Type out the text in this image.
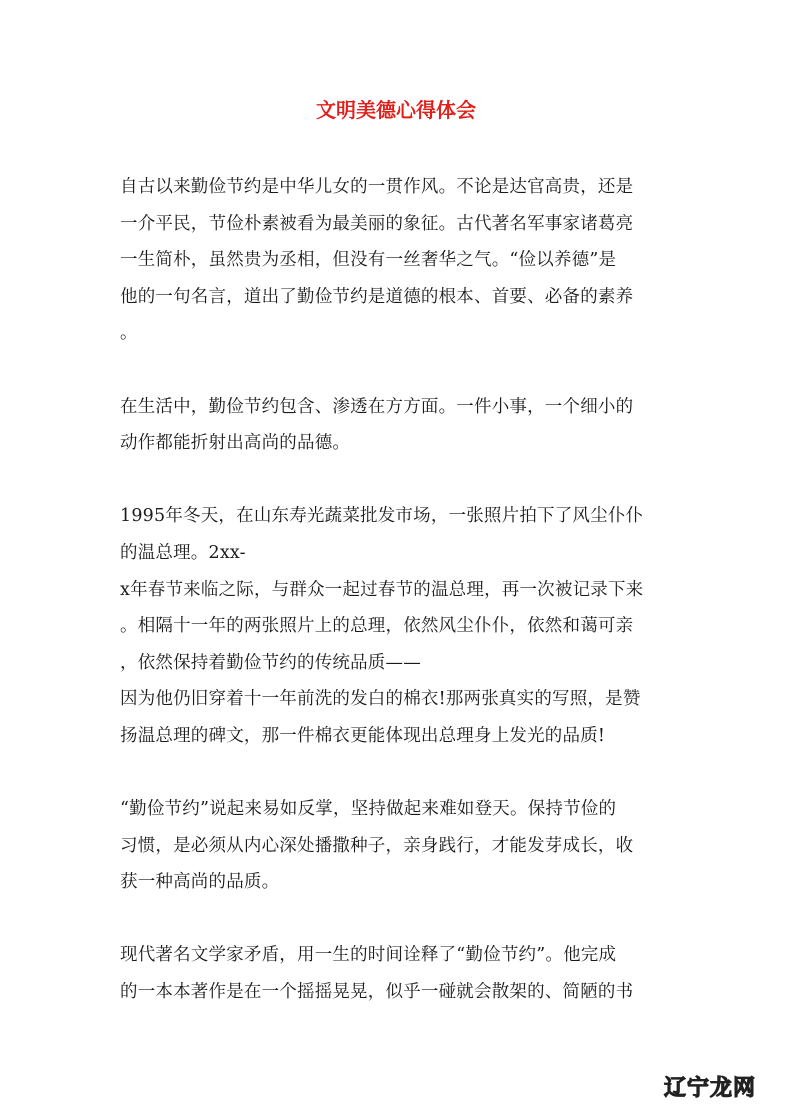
文明美德心得体会
自古以来勤俭节约是中华儿女的一贯作风。不论是达官高贵，还是
一介平民，节俭朴素被看为最美丽的象征。古代著名军事家诸葛亮
一生简朴，虽然贵为丞相，但没有一丝奢华之气。“俭以养德”是
他的一句名言，道出了勤俭节约是道德的根本、首要、必备的素养
。
在生活中，勤俭节约包含、渗透在方方面。一件小事，一个细小的
动作都能折射出高尚的品德。
1995年冬天，在山东寿光蔬菜批发市场，一张照片拍下了风尘仆仆
的温总理。2xx-
x年春节来临之际，与群众一起过春节的温总理，再一次被记录下来
。相隔十一年的两张照片上的总理，依然风尘仆仆，依然和蔼可亲
，依然保持着勤俭节约的传统品质——
因为他仍旧穿着十一年前洗的发白的棉衣!那两张真实的写照，是赞
扬温总理的碑文，那一件棉衣更能体现出总理身上发光的品质!
“勤俭节约”说起来易如反掌，坚持做起来难如登天。保持节俭的
习惯，是必须从内心深处播撒种子，亲身践行，才能发芽成长，收
获一种高尚的品质。
现代著名文学家矛盾，用一生的时间诠释了“勤俭节约”。他完成
的一本本著作是在一个摇摇晃晃，似乎一碰就会散架的、简陋的书
辽宁龙网
